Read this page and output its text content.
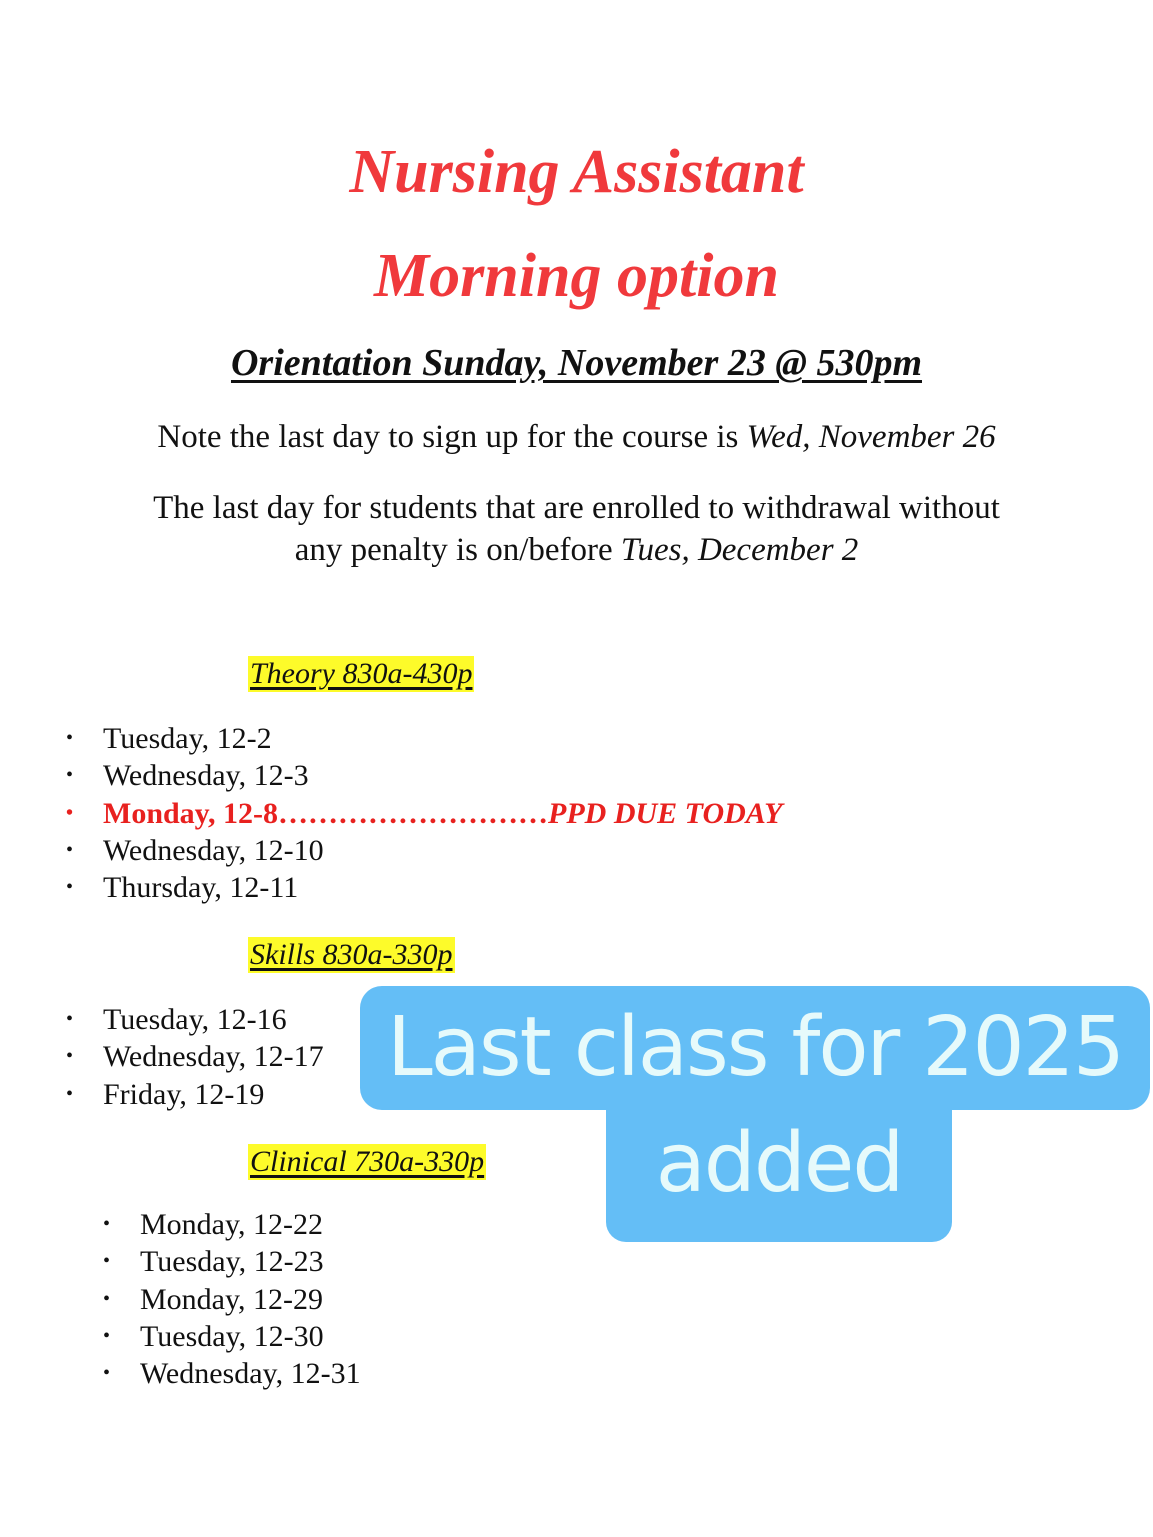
Nursing Assistant
Morning option
Orientation Sunday, November 23 @ 530pm

Note the last day to sign up for the course is Wed, November 26

The last day for students that are enrolled to withdrawal without

any penalty is on/before Tues, December 2

Theory 830a-430p
• Tuesday, 12-2
• Wednesday, 12-3
• Monday, 12-8………………………PPD DUE TODAY
• Wednesday, 12-10
• Thursday, 12-11
Skills 830a-330p
• Tuesday, 12-16
• Wednesday, 12-17
• Friday, 12-19
Clinical 730a-330p
• Monday, 12-22
• Tuesday, 12-23
• Monday, 12-29
• Tuesday, 12-30
• Wednesday, 12-31
Last class for 2025
added
